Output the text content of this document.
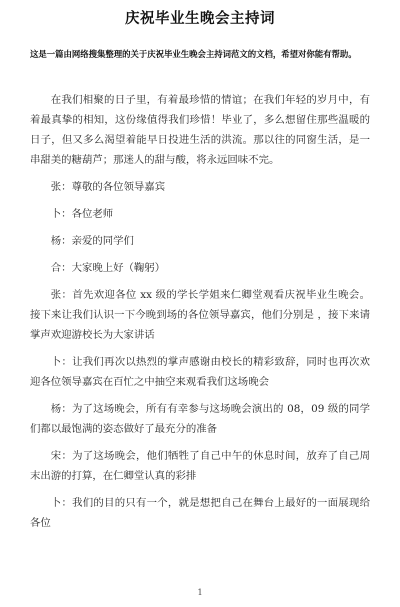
庆祝毕业生晚会主持词
这是一篇由网络搜集整理的关于庆祝毕业生晚会主持词范文的文档，希望对你能有帮助。

在我们相聚的日子里，有着最珍惜的情谊；在我们年轻的岁月中，有着最真挚的相知，这份缘值得我们珍惜！毕业了，多么想留住那些温暖的日子，但又多么渴望着能早日投进生活的洪流。那以往的同窗生活，是一串甜美的糖葫芦；那迷人的甜与酸，将永远回味不完。

张：尊敬的各位领导嘉宾

卜：各位老师

杨：亲爱的同学们

合：大家晚上好（鞠躬）

张：首先欢迎各位 xx 级的学长学姐来仁卿堂观看庆祝毕业生晚会。接下来让我们认识一下今晚到场的各位领导嘉宾，他们分别是 ，接下来请掌声欢迎游校长为大家讲话

卜：让我们再次以热烈的掌声感谢由校长的精彩致辞，同时也再次欢迎各位领导嘉宾在百忙之中抽空来观看我们这场晚会

杨：为了这场晚会，所有有幸参与这场晚会演出的 08，09 级的同学们都以最饱满的姿态做好了最充分的准备

宋：为了这场晚会，他们牺牲了自己中午的休息时间，放弃了自己周末出游的打算，在仁卿堂认真的彩排

卜：我们的目的只有一个，就是想把自己在舞台上最好的一面展现给各位

1
